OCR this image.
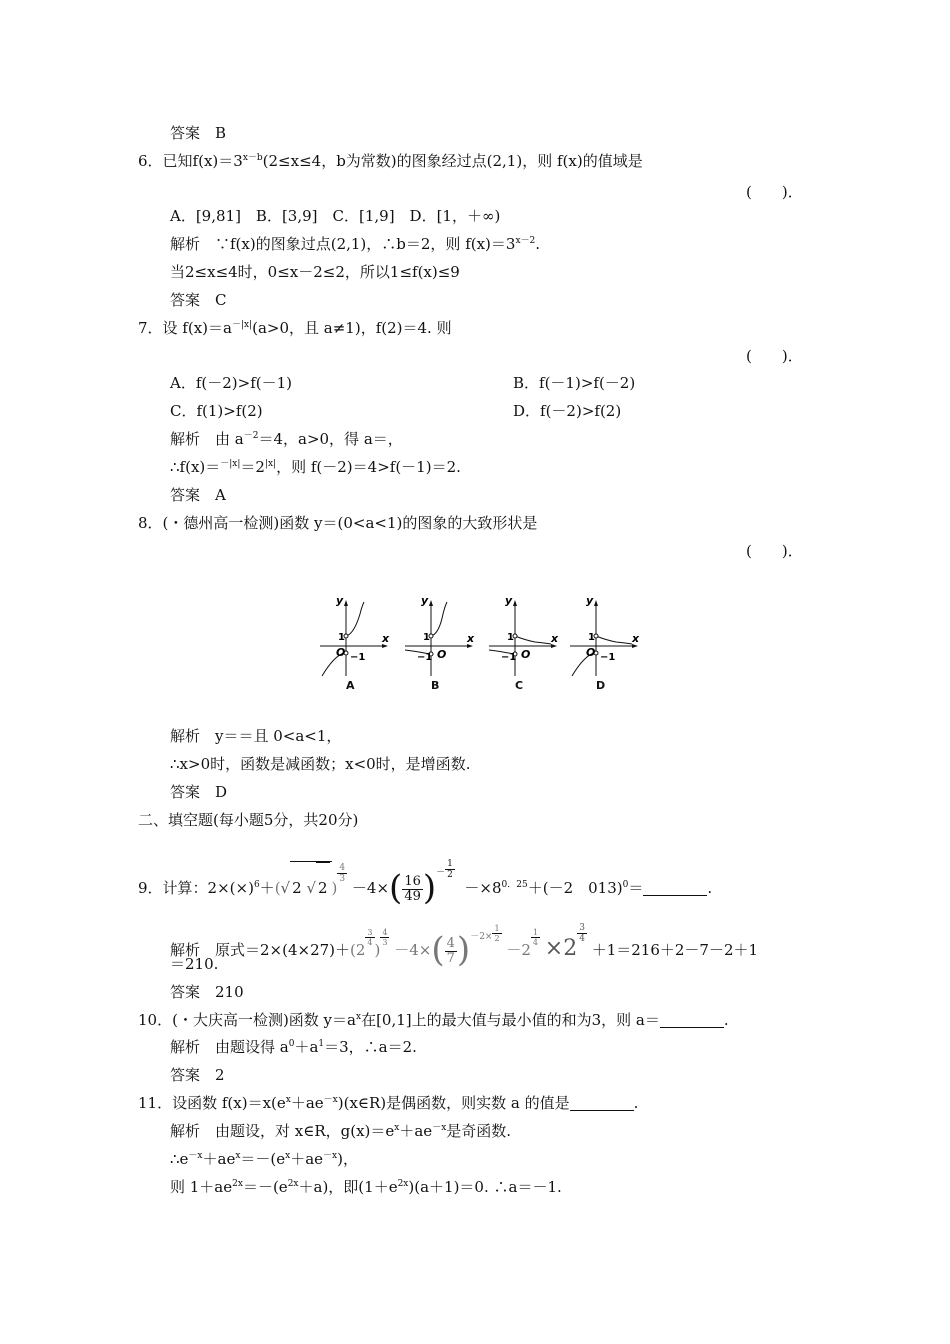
答案　B
6．已知$f(x)=3^{x-b}(2\le x\le 4$，b为常数)的图象经过点(2,1)，则 f(x)的值域是
(　　)．
A．[9,81]　B．[3,9]　C．[1,9]　D．[1，＋∞)
解析　∵f(x)的图象过点(2,1)，∴b＝2，则 $f(x)=3^{x-2}$.
当2≤x≤4时，0≤x－2≤2，所以1≤f(x)≤9
答案　C
7．设 $f(x)=a^{-|x|}(a>0$，且 a≠1)，f(2)＝4. 则
(　　)．
A．f(－2)>f(－1)	B．f(－1)>f(－2)
C．f(1)>f(2)	D．f(－2)>f(2)
解析　由 $a^{-2}=4$，a>0，得 a＝，
$\therefore f(x)=^{-|x|}=2^{|x|}$，则 f(－2)＝4>f(－1)＝2.
答案　A
8．(・德州高一检测)函数 y＝(0<a<1)的图象的大致形状是
(　　)．
y
x
1
O −1
A
y
x
1
O
−1
B
y
x
1
O
−1
C
y
x
1
O −1
D
解析　y＝＝且 0<a<1，
∴x>0时，函数是减函数；x<0时，是增函数.
答案　D
二、填空题(每小题5分，共20分)
9．计算：$2\times(\times)^6+(√$ 2 √ 2 )
$\frac{4}{3}$
$-4\times( \frac{16}{49} )^- \frac{1}{2}$
$-\times 8^{0.25}+(-2$　013)$^0$＝	.
解析　原式＝2×(4×27)＋(2
$\frac{3}{4}$
)
$\frac{4}{3}$
$-4\times( \frac{4}{7} )^{-2\times} \frac{1}{2}$
－2
$\frac{1}{4} \times 2$
$\frac{3}{4}$
＋1＝216＋2－7－2＋1
＝210.
答案　210
10．(・大庆高一检测)函数 $y=a^x$在[0,1]上的最大值与最小值的和为3，则 a＝	.
解析　由题设得 $a^0+a^1=3$，∴a＝2.
答案　2
11．设函数 $f(x)=x(e^x+ae^{-x})(x\in R)$是偶函数，则实数 a 的值是	.
解析　由题设，对 x∈R，$g(x)=e^x+ae^{-x}$是奇函数.
$\therefore e^{-x}+ae^x=-(e^x+ae^{-x})$，
则 $1+ae^{2x}=-(e^{2x}+a)$，即$(1+e^{2x})(a+1)=0$. ∴a＝－1.
